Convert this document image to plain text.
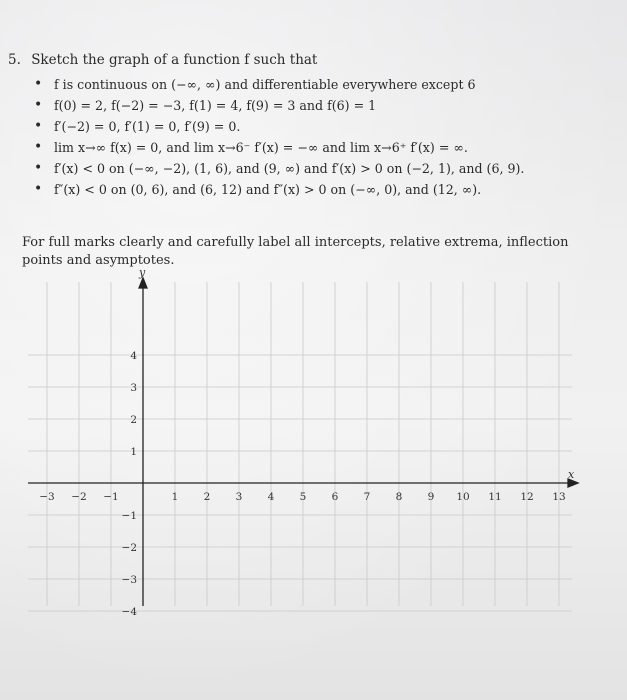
5. Sketch the graph of a function f such that
• f is continuous on (−∞, ∞) and differentiable everywhere except 6
• f(0) = 2, f(−2) = −3, f(1) = 4, f(9) = 3 and f(6) = 1
• f′(−2) = 0, f′(1) = 0, f′(9) = 0.
• lim x→∞ f(x) = 0, and lim x→6⁻ f′(x) = −∞ and lim x→6⁺ f′(x) = ∞.
• f′(x) < 0 on (−∞, −2), (1, 6), and (9, ∞) and f′(x) > 0 on (−2, 1), and (6, 9).
• f″(x) < 0 on (0, 6), and (6, 12) and f″(x) > 0 on (−∞, 0), and (12, ∞).
For full marks clearly and carefully label all intercepts, relative extrema, inflection points and asymptotes.
x
y
−3 −2 −1	1 2 3 4 5 6 7 8 9 10 11 12 13
1
2
3
4
−1
−2
−3
−4
